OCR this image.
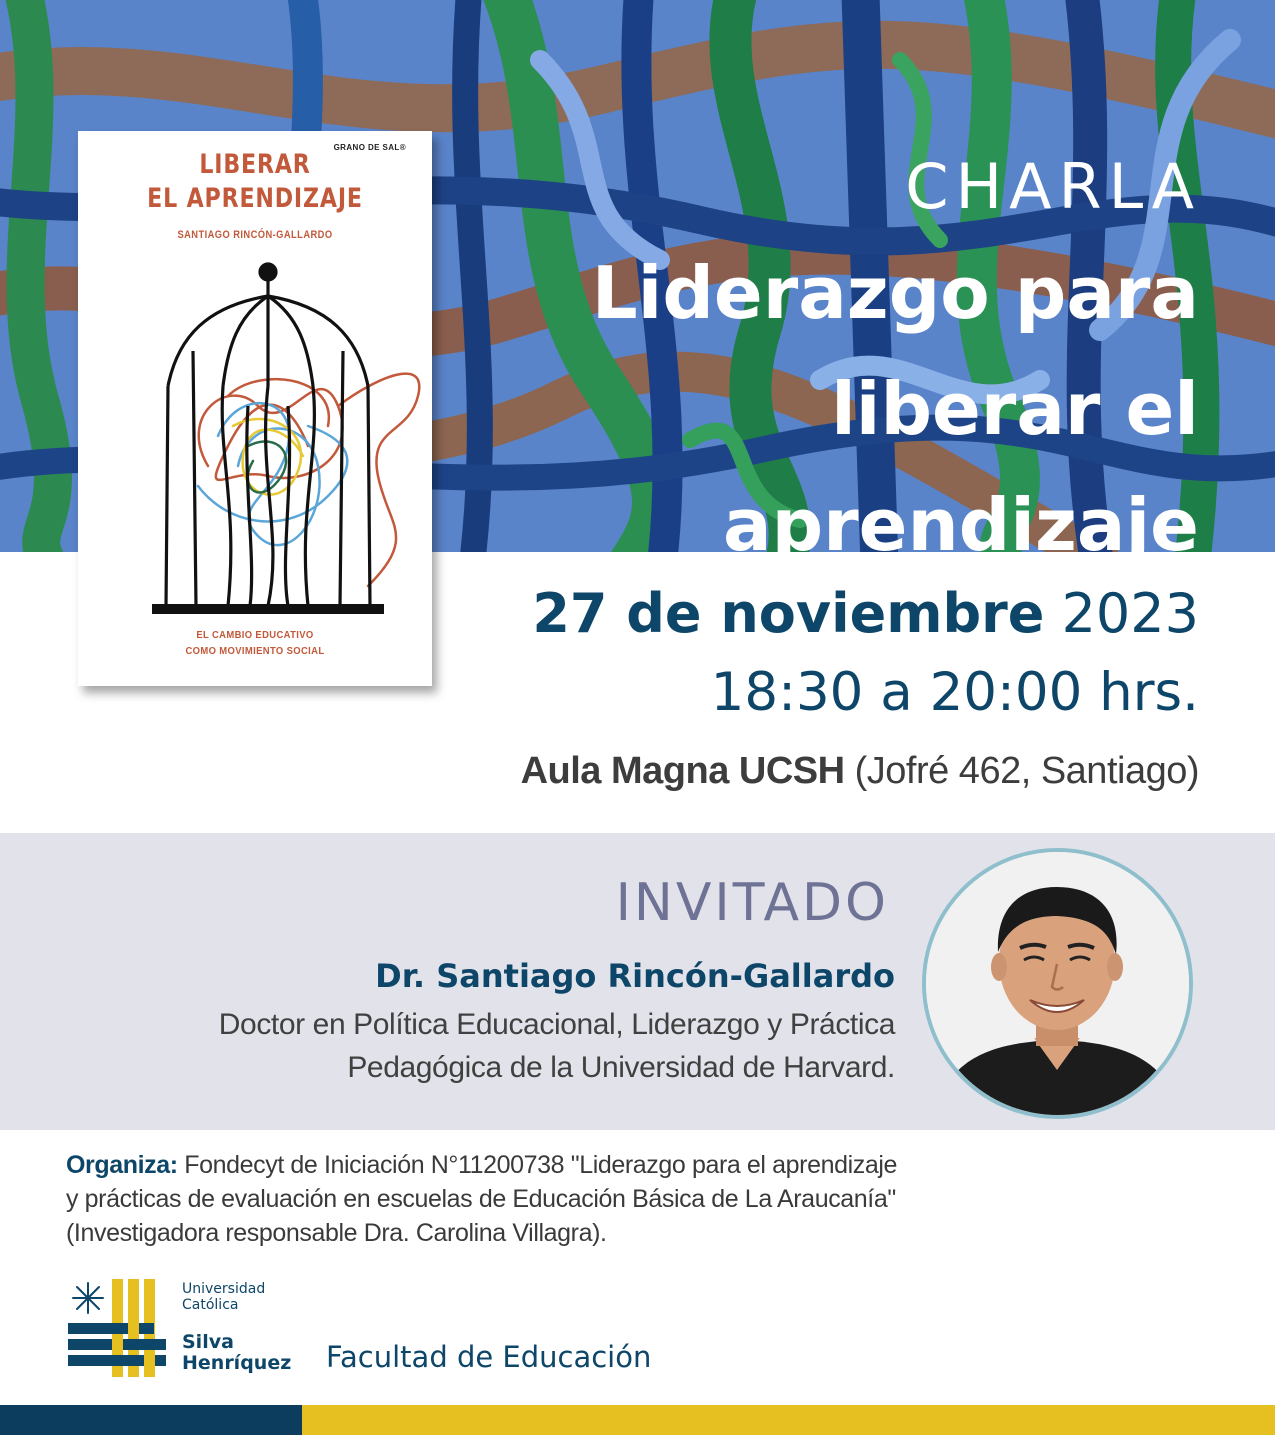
GRANO DE SAL®
LIBERAR
EL APRENDIZAJE
SANTIAGO RINCÓN-GALLARDO
EL CAMBIO EDUCATIVO
COMO MOVIMIENTO SOCIAL
CHARLA
Liderazgo para
liberar el
aprendizaje
27 de noviembre 2023
18:30 a 20:00 hrs.
Aula Magna UCSH (Jofré 462, Santiago)
INVITADO
Dr. Santiago Rincón-Gallardo
Doctor en Política Educacional, Liderazgo y Práctica
Pedagógica de la Universidad de Harvard.
Organiza: Fondecyt de Iniciación N°11200738 "Liderazgo para el aprendizaje
y prácticas de evaluación en escuelas de Educación Básica de La Araucanía"
(Investigadora responsable Dra. Carolina Villagra).
Universidad
Católica
Silva
Henríquez Facultad de Educación
